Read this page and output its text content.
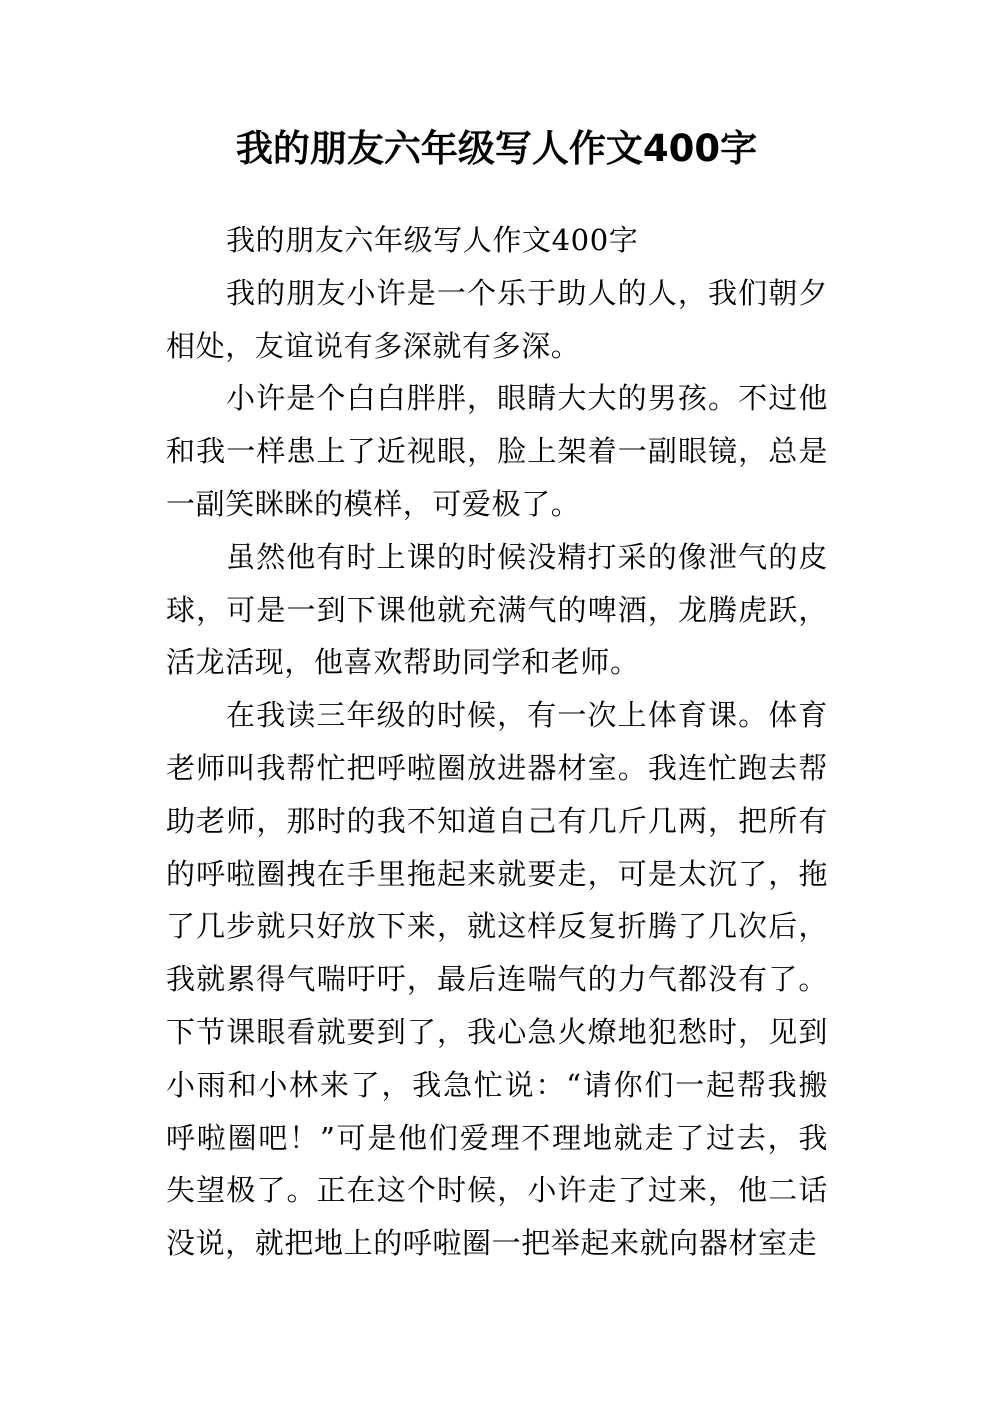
我的朋友六年级写人作文400字

我的朋友六年级写人作文400字

我的朋友小许是一个乐于助人的人，我们朝夕相处，友谊说有多深就有多深。

小许是个白白胖胖，眼睛大大的男孩。不过他和我一样患上了近视眼，脸上架着一副眼镜，总是一副笑眯眯的模样，可爱极了。

虽然他有时上课的时候没精打采的像泄气的皮球，可是一到下课他就充满气的啤酒，龙腾虎跃，活龙活现，他喜欢帮助同学和老师。

在我读三年级的时候，有一次上体育课。体育老师叫我帮忙把呼啦圈放进器材室。我连忙跑去帮助老师，那时的我不知道自己有几斤几两，把所有的呼啦圈拽在手里拖起来就要走，可是太沉了，拖了几步就只好放下来，就这样反复折腾了几次后，我就累得气喘吁吁，最后连喘气的力气都没有了。下节课眼看就要到了，我心急火燎地犯愁时，见到小雨和小林来了，我急忙说：“请你们一起帮我搬呼啦圈吧！”可是他们爱理不理地就走了过去，我失望极了。正在这个时候，小许走了过来，他二话没说，就把地上的呼啦圈一把举起来就向器材室走
